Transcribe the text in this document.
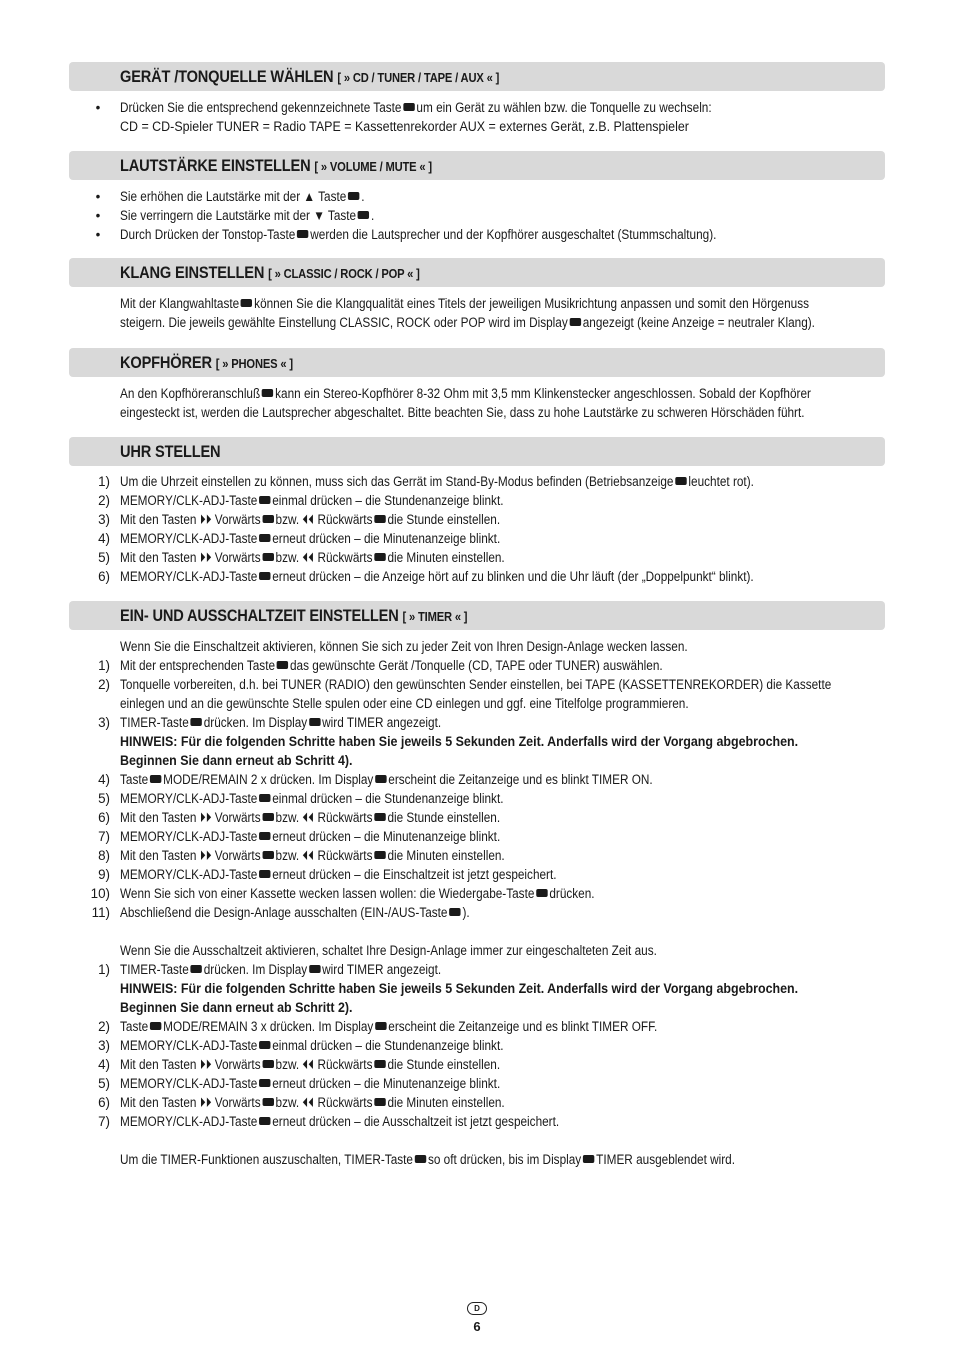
GERÄT /TONQUELLE WÄHLEN [ » CD / TUNER / TAPE / AUX « ]
• Drücken Sie die entsprechend gekennzeichnete Taste um ein Gerät zu wählen bzw. die Tonquelle zu wechseln:
CD = CD-Spieler TUNER = Radio TAPE = Kassettenrekorder AUX = externes Gerät, z.B. Plattenspieler
LAUTSTÄRKE EINSTELLEN [ » VOLUME / MUTE « ]
• Sie erhöhen die Lautstärke mit der ▲ Taste .
• Sie verringern die Lautstärke mit der ▼ Taste .
• Durch Drücken der Tonstop-Taste werden die Lautsprecher und der Kopfhörer ausgeschaltet (Stummschaltung).
KLANG EINSTELLEN [ » CLASSIC / ROCK / POP « ]
Mit der Klangwahltaste können Sie die Klangqualität eines Titels der jeweiligen Musikrichtung anpassen und somit den Hörgenuss
steigern. Die jeweils gewählte Einstellung CLASSIC, ROCK oder POP wird im Display angezeigt (keine Anzeige = neutraler Klang).
KOPFHÖRER [ » PHONES « ]
An den Kopfhöreranschluß kann ein Stereo-Kopfhörer 8-32 Ohm mit 3,5 mm Klinkenstecker angeschlossen. Sobald der Kopfhörer
eingesteckt ist, werden die Lautsprecher abgeschaltet. Bitte beachten Sie, dass zu hohe Lautstärke zu schweren Hörschäden führt.
UHR STELLEN
1) Um die Uhrzeit einstellen zu können, muss sich das Gerrät im Stand-By-Modus befinden (Betriebsanzeige leuchtet rot).
2) MEMORY/CLK-ADJ-Taste einmal drücken – die Stundenanzeige blinkt.
3) Mit den Tasten ⏵⏵ Vorwärts bzw. ⏴⏴ Rückwärts die Stunde einstellen.
4) MEMORY/CLK-ADJ-Taste erneut drücken – die Minutenanzeige blinkt.
5) Mit den Tasten ⏵⏵ Vorwärts bzw. ⏴⏴ Rückwärts die Minuten einstellen.
6) MEMORY/CLK-ADJ-Taste erneut drücken – die Anzeige hört auf zu blinken und die Uhr läuft (der „Doppelpunkt“ blinkt).
EIN- UND AUSSCHALTZEIT EINSTELLEN [ » TIMER « ]
Wenn Sie die Einschaltzeit aktivieren, können Sie sich zu jeder Zeit von Ihren Design-Anlage wecken lassen.
1) Mit der entsprechenden Taste das gewünschte Gerät /Tonquelle (CD, TAPE oder TUNER) auswählen.
2) Tonquelle vorbereiten, d.h. bei TUNER (RADIO) den gewünschten Sender einstellen, bei TAPE (KASSETTENREKORDER) die Kassette
einlegen und an die gewünschte Stelle spulen oder eine CD einlegen und ggf. eine Titelfolge programmieren.
3) TIMER-Taste drücken. Im Display wird TIMER angezeigt.
HINWEIS: Für die folgenden Schritte haben Sie jeweils 5 Sekunden Zeit. Anderfalls wird der Vorgang abgebrochen.
Beginnen Sie dann erneut ab Schritt 4).
4) Taste MODE/REMAIN 2 x drücken. Im Display erscheint die Zeitanzeige und es blinkt TIMER ON.
5) MEMORY/CLK-ADJ-Taste einmal drücken – die Stundenanzeige blinkt.
6) Mit den Tasten ⏵⏵ Vorwärts bzw. ⏴⏴ Rückwärts die Stunde einstellen.
7) MEMORY/CLK-ADJ-Taste erneut drücken – die Minutenanzeige blinkt.
8) Mit den Tasten ⏵⏵ Vorwärts bzw. ⏴⏴ Rückwärts die Minuten einstellen.
9) MEMORY/CLK-ADJ-Taste erneut drücken – die Einschaltzeit ist jetzt gespeichert.
10) Wenn Sie sich von einer Kassette wecken lassen wollen: die Wiedergabe-Taste drücken.
11) Abschließend die Design-Anlage ausschalten (EIN-/AUS-Taste ).
Wenn Sie die Ausschaltzeit aktivieren, schaltet Ihre Design-Anlage immer zur eingeschalteten Zeit aus.
1) TIMER-Taste drücken. Im Display wird TIMER angezeigt.
HINWEIS: Für die folgenden Schritte haben Sie jeweils 5 Sekunden Zeit. Anderfalls wird der Vorgang abgebrochen.
Beginnen Sie dann erneut ab Schritt 2).
2) Taste MODE/REMAIN 3 x drücken. Im Display erscheint die Zeitanzeige und es blinkt TIMER OFF.
3) MEMORY/CLK-ADJ-Taste einmal drücken – die Stundenanzeige blinkt.
4) Mit den Tasten ⏵⏵ Vorwärts bzw. ⏴⏴ Rückwärts die Stunde einstellen.
5) MEMORY/CLK-ADJ-Taste erneut drücken – die Minutenanzeige blinkt.
6) Mit den Tasten ⏵⏵ Vorwärts bzw. ⏴⏴ Rückwärts die Minuten einstellen.
7) MEMORY/CLK-ADJ-Taste erneut drücken – die Ausschaltzeit ist jetzt gespeichert.
Um die TIMER-Funktionen auszuschalten, TIMER-Taste so oft drücken, bis im Display TIMER ausgeblendet wird.
D
6
